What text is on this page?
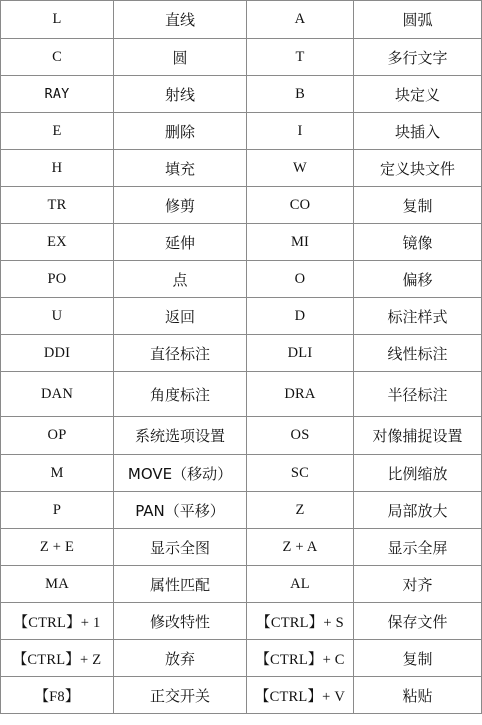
L	直线	A	圆弧
C	圆	T	多行文字
RAY	射线	B	块定义
E	删除	I	块插入
H	填充	W	定义块文件
TR	修剪	CO	复制
EX	延伸	MI	镜像
PO	点	O	偏移
U	返回	D	标注样式
DDI	直径标注	DLI	线性标注
DAN	角度标注	DRA	半径标注
OP	系统选项设置	OS	对像捕捉设置
M	MOVE（移动）	SC	比例缩放
P	PAN（平移）	Z	局部放大
Z + E	显示全图	Z + A	显示全屏
MA	属性匹配	AL	对齐
【CTRL】+ 1	修改特性	【CTRL】+ S	保存文件
【CTRL】+ Z	放弃	【CTRL】+ C	复制
【F8】	正交开关	【CTRL】+ V	粘贴
